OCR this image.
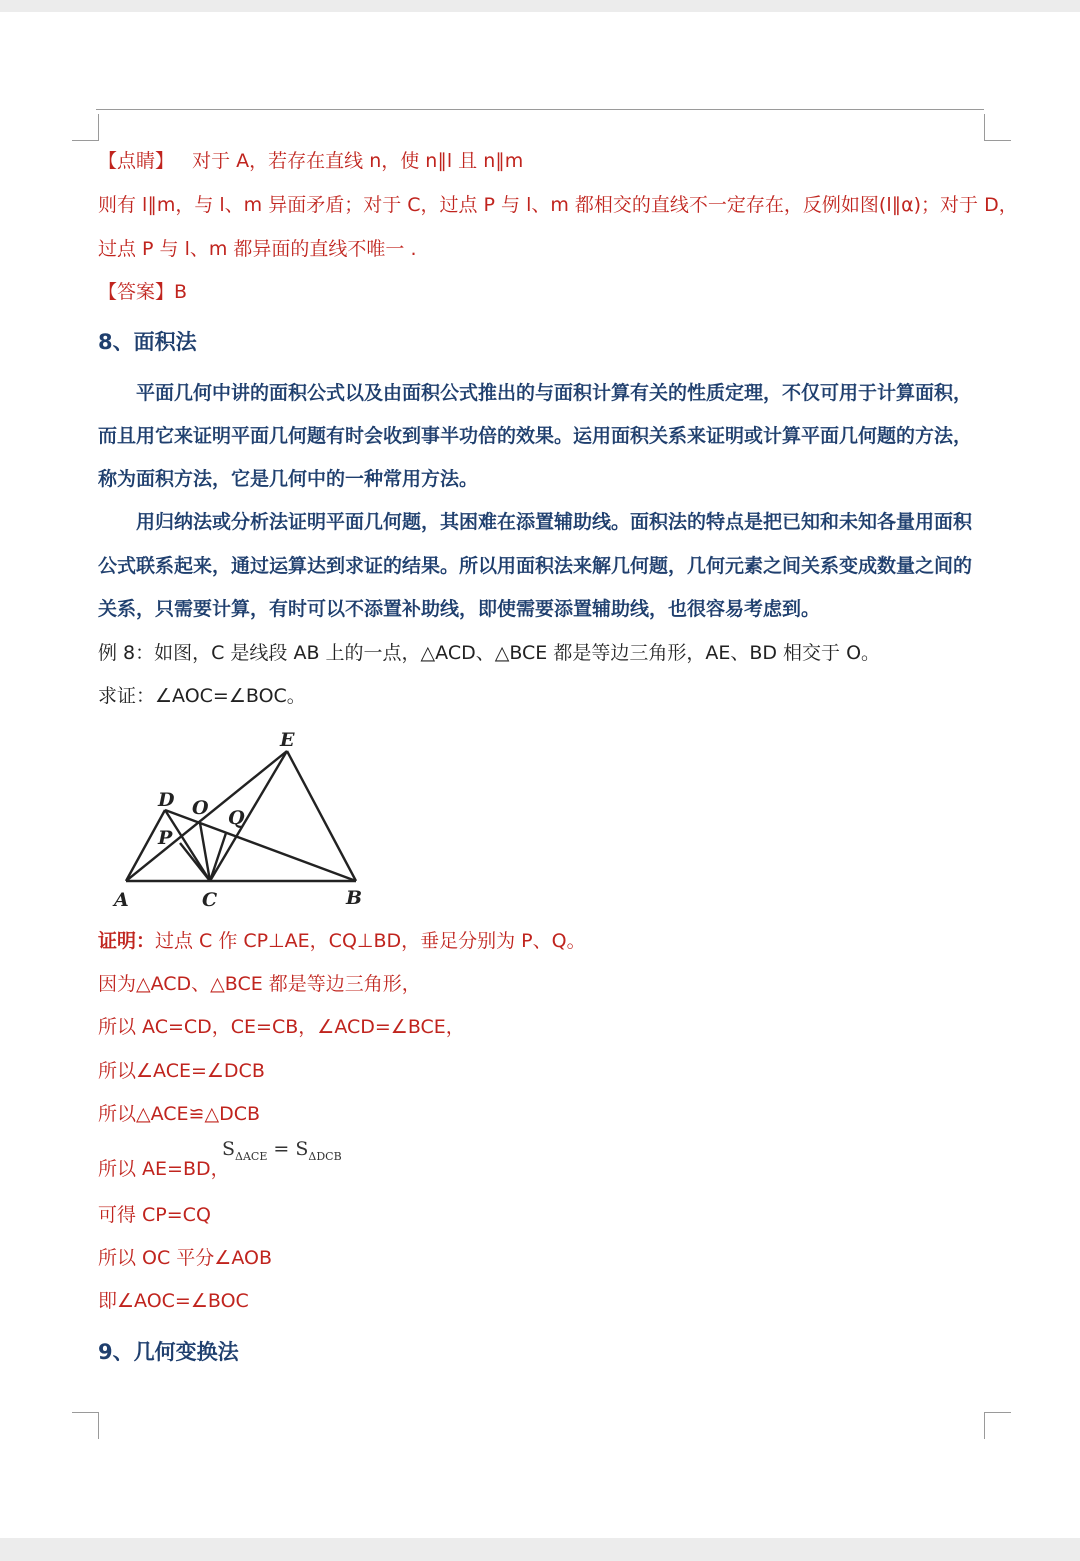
【点睛】 对于 A，若存在直线 n，使 n∥l 且 n∥m
则有 l∥m，与 l、m 异面矛盾；对于 C，过点 P 与 l、m 都相交的直线不一定存在，反例如图(l∥α)；对于 D，
过点 P 与 l、m 都异面的直线不唯一 .
【答案】B
8、面积法
平面几何中讲的面积公式以及由面积公式推出的与面积计算有关的性质定理，不仅可用于计算面积，
而且用它来证明平面几何题有时会收到事半功倍的效果。运用面积关系来证明或计算平面几何题的方法，
称为面积方法，它是几何中的一种常用方法。
用归纳法或分析法证明平面几何题，其困难在添置辅助线。面积法的特点是把已知和未知各量用面积
公式联系起来，通过运算达到求证的结果。所以用面积法来解几何题，几何元素之间关系变成数量之间的
关系，只需要计算，有时可以不添置补助线，即使需要添置辅助线，也很容易考虑到。
例 8：如图，C 是线段 AB 上的一点，△ACD、△BCE 都是等边三角形，AE、BD 相交于 O。
求证：∠AOC=∠BOC。
A	C	B
D
E
O
P
Q
证明：过点 C 作 CP⊥AE，CQ⊥BD，垂足分别为 P、Q。
因为△ACD、△BCE 都是等边三角形，
所以 AC=CD，CE=CB，∠ACD=∠BCE，
所以∠ACE=∠DCB
所以△ACE≌△DCB
所以 AE=BD，
$S_{\Delta ACE} = S_{\Delta DCB}$
可得 CP=CQ
所以 OC 平分∠AOB
即∠AOC=∠BOC
9、几何变换法
